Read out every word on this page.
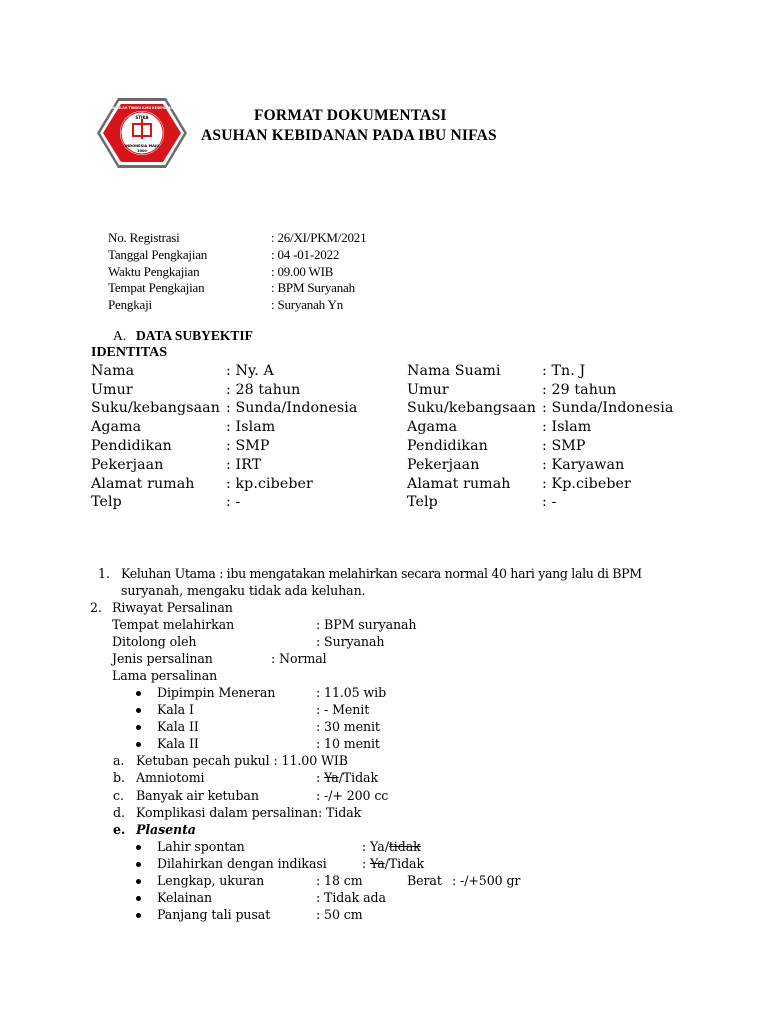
SEKOLAH TINGGI ILMU KESEHATAN
STIKA
INDONESIA MAJU
2000
FORMAT DOKUMENTASI
ASUHAN KEBIDANAN PADA IBU NIFAS
No. Registrasi	: 26/XI/PKM/2021
Tanggal Pengkajian	: 04 -01-2022
Waktu Pengkajian	: 09.00 WIB
Tempat Pengkajian	: BPM Suryanah
Pengkaji	: Suryanah Yn
A. DATA SUBYEKTIF
IDENTITAS
Nama	: Ny. A
Umur	: 28 tahun
Suku/kebangsaan : Sunda/Indonesia
Agama	: Islam
Pendidikan	: SMP
Pekerjaan	: IRT
Alamat rumah : kp.cibeber
Telp	: -
Nama Suami	: Tn. J
Umur	: 29 tahun
Suku/kebangsaan : Sunda/Indonesia
Agama	: Islam
Pendidikan	: SMP
Pekerjaan	: Karyawan
Alamat rumah : Kp.cibeber
Telp	: -
1. Keluhan Utama : ibu mengatakan melahirkan secara normal 40 hari yang lalu di BPM
suryanah, mengaku tidak ada keluhan.
2. Riwayat Persalinan
Tempat melahirkan	: BPM suryanah
Ditolong oleh	: Suryanah
Jenis persalinan	: Normal
Lama persalinan
Dipimpin Meneran	: 11.05 wib
Kala I	: - Menit
Kala II	: 30 menit
Kala II	: 10 menit
a. Ketuban pecah pukul : 11.00 WIB
b. Amniotomi	: Ya/Tidak
c. Banyak air ketuban	: -/+ 200 cc
d. Komplikasi dalam persalinan: Tidak
e. Plasenta
Lahir spontan	: Ya/tidak
Dilahirkan dengan indikasi	: Ya/Tidak
Lengkap, ukuran	: 18 cm	Berat : -/+500 gr
Kelainan	: Tidak ada
Panjang tali pusat	: 50 cm
